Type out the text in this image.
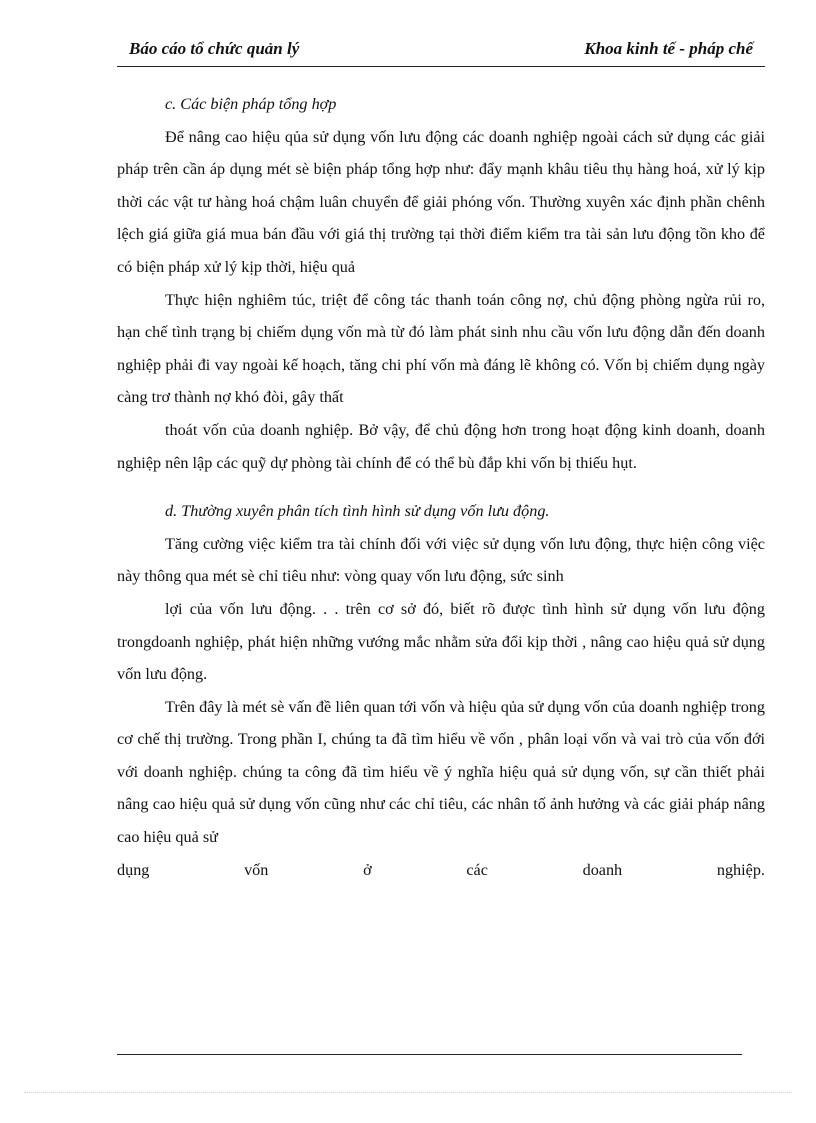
Báo cáo tổ chức quản lý	Khoa kinh tế - pháp chế
c. Các biện pháp tổng hợp
Để nâng cao hiệu qủa sử dụng vốn lưu động các doanh nghiệp ngoài cách sử dụng các giải pháp trên cần áp dụng mét sè biện pháp tổng hợp như: đẩy mạnh khâu tiêu thụ hàng hoá, xử lý kịp thời các vật tư hàng hoá chậm luân chuyển để giải phóng vốn. Thường xuyên xác định phần chênh lệch giá giữa giá mua bán đầu với giá thị trường tại thời điểm kiểm tra tài sản lưu động tồn kho để có biện pháp xử lý kịp thời, hiệu quả
Thực hiện nghiêm túc, triệt để công tác thanh toán công nợ, chủ động phòng ngừa rủi ro, hạn chế tình trạng bị chiếm dụng vốn mà từ đó làm phát sinh nhu cầu vốn lưu động dẫn đến doanh nghiệp phải đi vay ngoài kế hoạch, tăng chi phí vốn mà đáng lẽ không có. Vốn bị chiếm dụng ngày càng trơ thành nợ khó đòi, gây thất
thoát vốn của doanh nghiệp. Bở vậy, để chủ động hơn trong hoạt động kinh doanh, doanh nghiệp nên lập các quỹ dự phòng tài chính để có thể bù đắp khi vốn bị thiếu hụt.
d. Thường xuyên phân tích tình hình sử dụng vốn lưu động.
Tăng cường việc kiểm tra tài chính đối với việc sử dụng vốn lưu động, thực hiện công việc này thông qua mét sè chỉ tiêu như: vòng quay vốn lưu động, sức sinh
lợi của vốn lưu động. . . trên cơ sở đó, biết rõ được tình hình sử dụng vốn lưu động trongdoanh nghiệp, phát hiện những vướng mắc nhằm sửa đổi kịp thời , nâng cao hiệu quả sử dụng vốn lưu động.
Trên đây là mét sè vấn đề liên quan tới vốn và hiệu qủa sử dụng vốn của doanh nghiệp trong cơ chế thị trường. Trong phần I, chúng ta đã tìm hiểu về vốn , phân loại vốn và vai trò của vốn đới với doanh nghiệp. chúng ta công đã tìm hiểu về ý nghĩa hiệu quả sử dụng vốn, sự cần thiết phải nâng cao hiệu quả sử dụng vốn cũng như các chỉ tiêu, các nhân tố ảnh hưởng và các giải pháp nâng cao hiệu quả sử
dụng	vốn	ở	các	doanh	nghiệp.
